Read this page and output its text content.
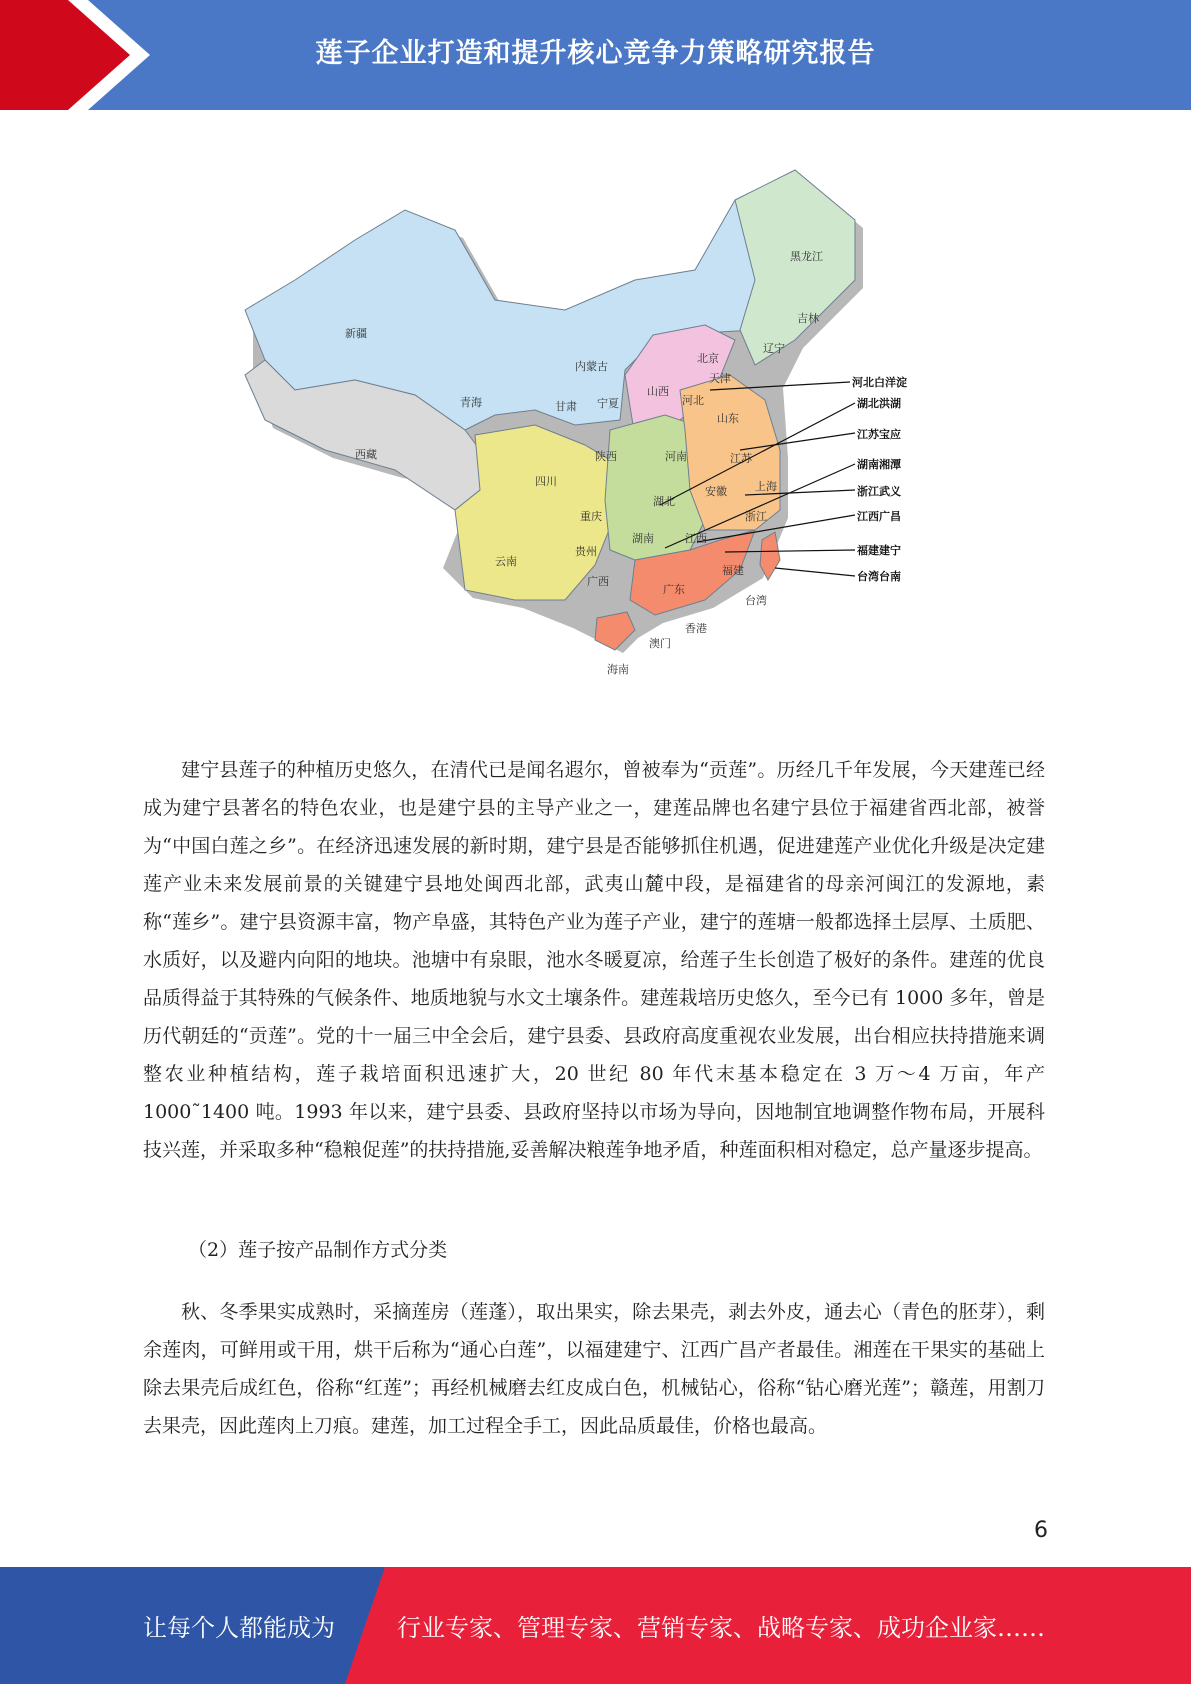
莲子企业打造和提升核心竞争力策略研究报告
新疆
西藏
青海
内蒙古
甘肃 宁夏
陕西
山西
北京
天津
河北
山东
河南	江苏
安徽	上海
湖北
四川
重庆
贵州
湖南	江西
浙江
云南
广西
广东
福建
台湾
香港
澳门
海南
黑龙江
吉林
辽宁
河北白洋淀
湖北洪湖
江苏宝应
湖南湘潭
浙江武义
江西广昌
福建建宁
台湾台南

建宁县莲子的种植历史悠久，在清代已是闻名遐尔，曾被奉为“贡莲”。历经几千年发展，今天建莲已经成为建宁县著名的特色农业，也是建宁县的主导产业之一，建莲品牌也名建宁县位于福建省西北部，被誉为“中国白莲之乡”。在经济迅速发展的新时期，建宁县是否能够抓住机遇，促进建莲产业优化升级是决定建莲产业未来发展前景的关键建宁县地处闽西北部，武夷山麓中段，是福建省的母亲河闽江的发源地，素称“莲乡”。建宁县资源丰富，物产阜盛，其特色产业为莲子产业，建宁的莲塘一般都选择土层厚、土质肥、水质好，以及避内向阳的地块。池塘中有泉眼，池水冬暖夏凉，给莲子生长创造了极好的条件。建莲的优良品质得益于其特殊的气候条件、地质地貌与水文土壤条件。建莲栽培历史悠久，至今已有 1000 多年，曾是历代朝廷的“贡莲”。党的十一届三中全会后，建宁县委、县政府高度重视农业发展，出台相应扶持措施来调整农业种植结构，莲子栽培面积迅速扩大，20 世纪 80 年代末基本稳定在 3 万～4 万亩，年产 1000˜1400 吨。1993 年以来，建宁县委、县政府坚持以市场为导向，因地制宜地调整作物布局，开展科技兴莲，并采取多种“稳粮促莲”的扶持措施,妥善解决粮莲争地矛盾，种莲面积相对稳定，总产量逐步提高。

（2）莲子按产品制作方式分类

秋、冬季果实成熟时，采摘莲房（莲蓬），取出果实，除去果壳，剥去外皮，通去心（青色的胚芽），剩余莲肉，可鲜用或干用，烘干后称为“通心白莲”，以福建建宁、江西广昌产者最佳。湘莲在干果实的基础上除去果壳后成红色，俗称“红莲”；再经机械磨去红皮成白色，机械钻心，俗称“钻心磨光莲”；赣莲，用割刀去果壳，因此莲肉上刀痕。建莲，加工过程全手工，因此品质最佳，价格也最高。

6
让每个人都能成为	行业专家、管理专家、营销专家、战略专家、成功企业家……
